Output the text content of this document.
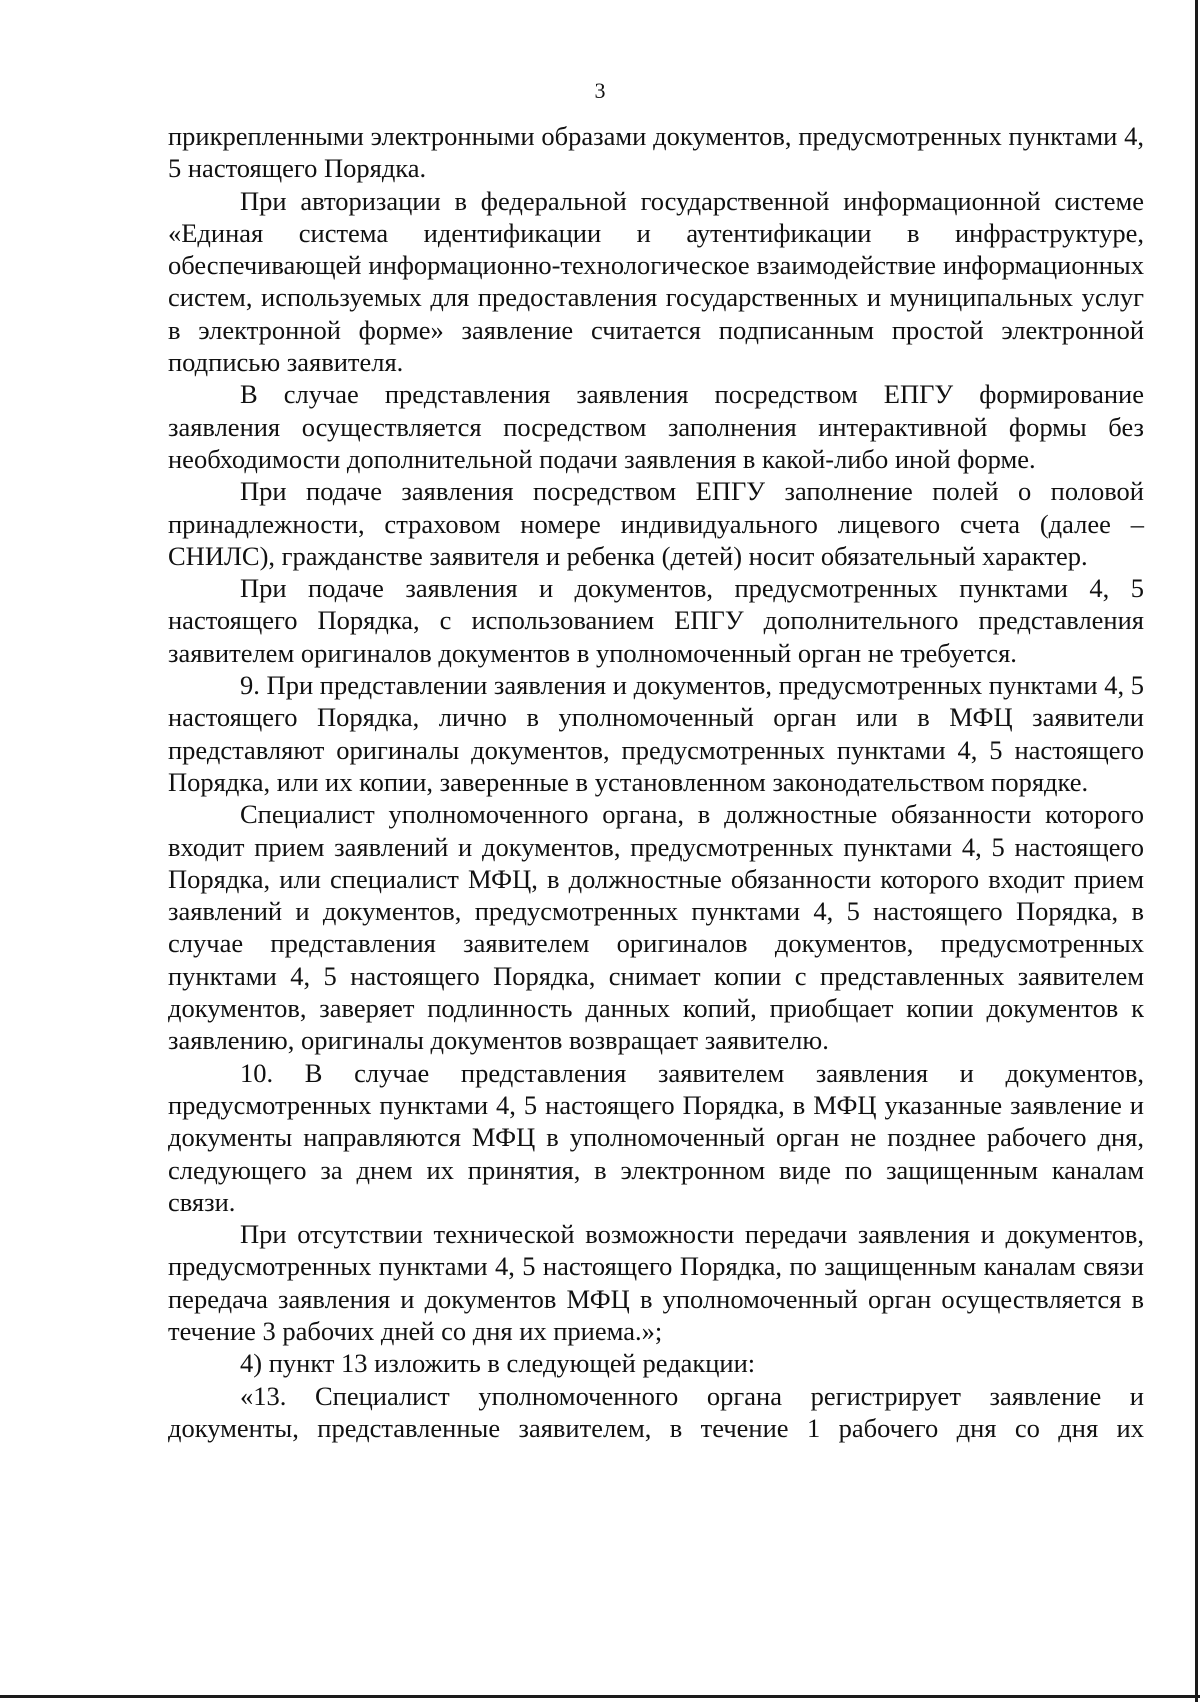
3

прикрепленными электронными образами документов, предусмотренных пунктами 4, 5 настоящего Порядка.

При авторизации в федеральной государственной информационной системе «Единая система идентификации и аутентификации в инфраструктуре, обеспечивающей информационно-технологическое взаимодействие информационных систем, используемых для предоставления государственных и муниципальных услуг в электронной форме» заявление считается подписанным простой электронной подписью заявителя.

В случае представления заявления посредством ЕПГУ формирование заявления осуществляется посредством заполнения интерактивной формы без необходимости дополнительной подачи заявления в какой-либо иной форме.

При подаче заявления посредством ЕПГУ заполнение полей о половой принадлежности, страховом номере индивидуального лицевого счета (далее – СНИЛС), гражданстве заявителя и ребенка (детей) носит обязательный характер.

При подаче заявления и документов, предусмотренных пунктами 4, 5 настоящего Порядка, с использованием ЕПГУ дополнительного представления заявителем оригиналов документов в уполномоченный орган не требуется.

9. При представлении заявления и документов, предусмотренных пунктами 4, 5 настоящего Порядка, лично в уполномоченный орган или в МФЦ заявители представляют оригиналы документов, предусмотренных пунктами 4, 5 настоящего Порядка, или их копии, заверенные в установленном законодательством порядке.

Специалист уполномоченного органа, в должностные обязанности которого входит прием заявлений и документов, предусмотренных пунктами 4, 5 настоящего Порядка, или специалист МФЦ, в должностные обязанности которого входит прием заявлений и документов, предусмотренных пунктами 4, 5 настоящего Порядка, в случае представления заявителем оригиналов документов, предусмотренных пунктами 4, 5 настоящего Порядка, снимает копии с представленных заявителем документов, заверяет подлинность данных копий, приобщает копии документов к заявлению, оригиналы документов возвращает заявителю.

10. В случае представления заявителем заявления и документов, предусмотренных пунктами 4, 5 настоящего Порядка, в МФЦ указанные заявление и документы направляются МФЦ в уполномоченный орган не позднее рабочего дня, следующего за днем их принятия, в электронном виде по защищенным каналам связи.

При отсутствии технической возможности передачи заявления и документов, предусмотренных пунктами 4, 5 настоящего Порядка, по защищенным каналам связи передача заявления и документов МФЦ в уполномоченный орган осуществляется в течение 3 рабочих дней со дня их приема.»;

4) пункт 13 изложить в следующей редакции:

«13. Специалист уполномоченного органа регистрирует заявление и документы, представленные заявителем, в течение 1 рабочего дня со дня их
